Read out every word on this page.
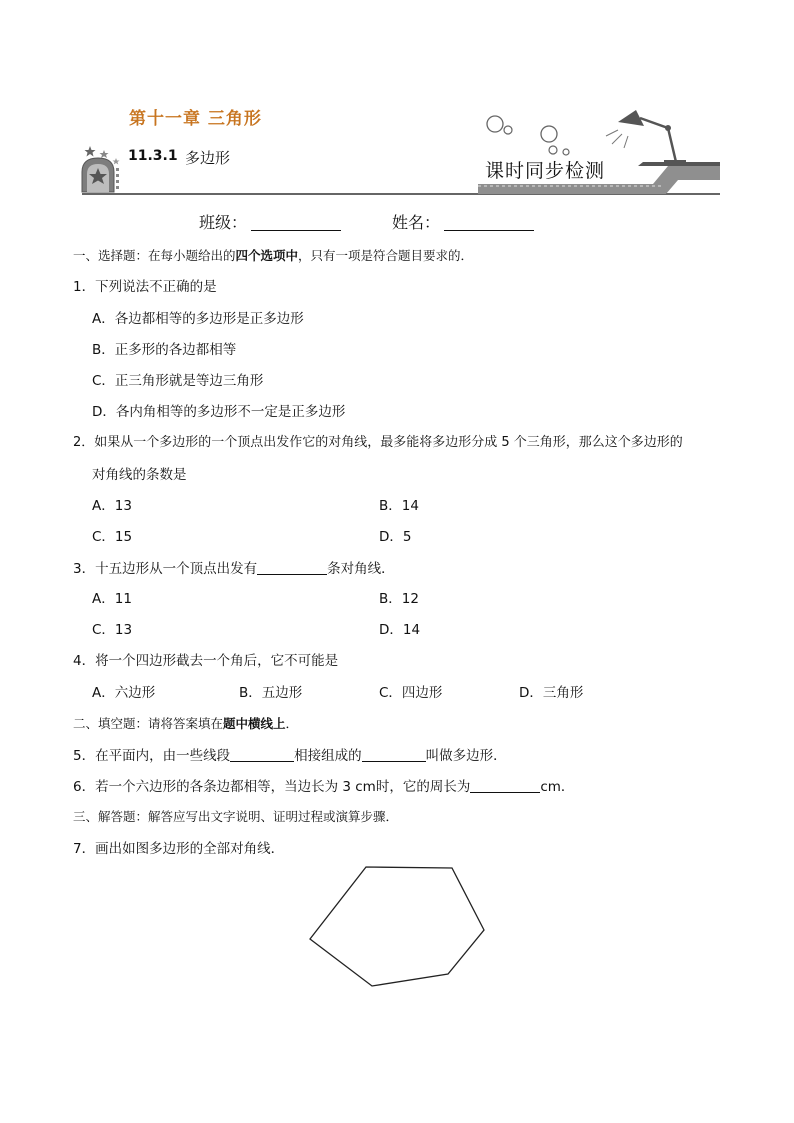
第十一章 三角形
11.3.1 多边形
课时同步检测
班级：	姓名：
一、选择题：在每小题给出的四个选项中，只有一项是符合题目要求的．
1．下列说法不正确的是
A．各边都相等的多边形是正多边形
B．正多形的各边都相等
C．正三角形就是等边三角形
D．各内角相等的多边形不一定是正多边形
2．如果从一个多边形的一个顶点出发作它的对角线，最多能将多边形分成 5 个三角形，那么这个多边形的
对角线的条数是
A．13	B．14
C．15	D．5
3．十五边形从一个顶点出发有	条对角线．
A．11	B．12
C．13	D．14
4．将一个四边形截去一个角后，它不可能是
A．六边形	B．五边形	C．四边形	D．三角形
二、填空题：请将答案填在题中横线上．
5．在平面内，由一些线段	相接组成的	叫做多边形．
6．若一个六边形的各条边都相等，当边长为 3 cm时，它的周长为	cm．
三、解答题：解答应写出文字说明、证明过程或演算步骤．
7．画出如图多边形的全部对角线．
